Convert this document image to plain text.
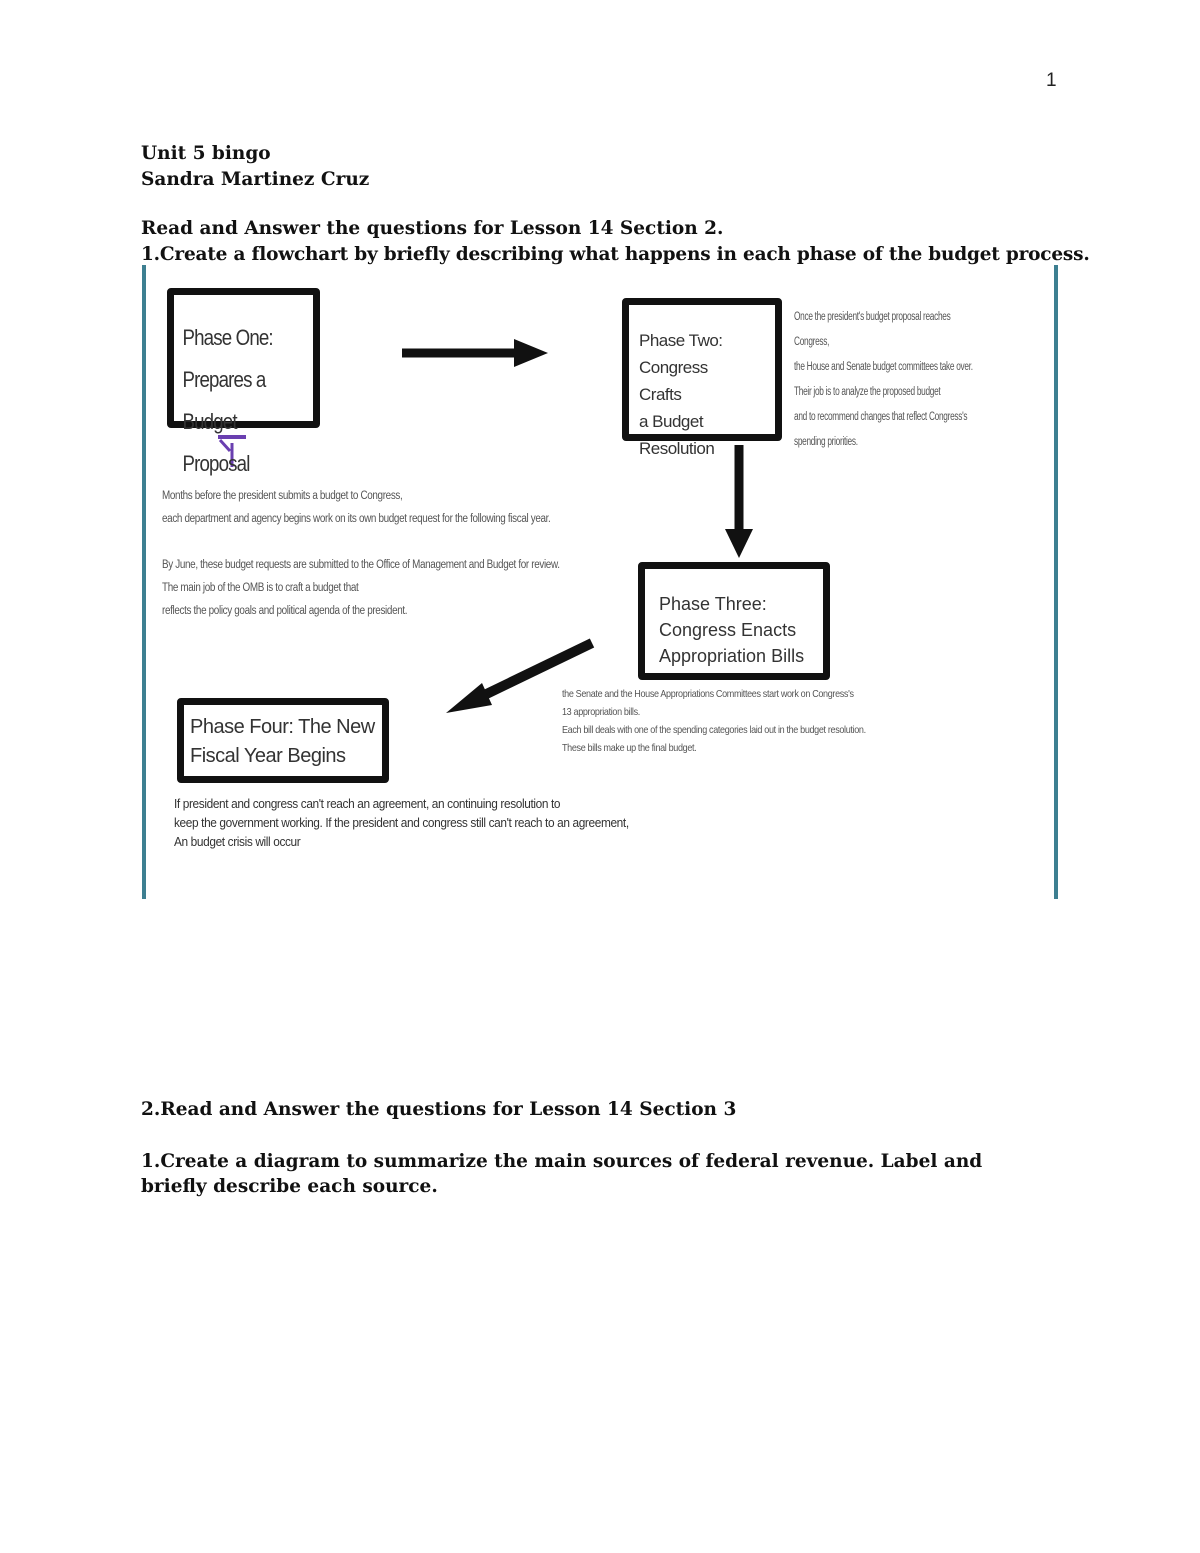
1
Unit 5 bingo
Sandra Martinez Cruz
Read and Answer the questions for Lesson 14 Section 2.
1.Create a flowchart by briefly describing what happens in each phase of the budget process.
Phase One: Prepares a
Budget Proposal
Phase Two: Congress
Crafts
a Budget Resolution
Phase Three:
Congress Enacts
Appropriation Bills
Phase Four: The New
Fiscal Year Begins
Months before the president submits a budget to Congress,
each department and agency begins work on its own budget request for the following fiscal year.

By June, these budget requests are submitted to the Office of Management and Budget for review.
The main job of the OMB is to craft a budget that
reflects the policy goals and political agenda of the president.
Once the president's budget proposal reaches Congress,
the House and Senate budget committees take over.
Their job is to analyze the proposed budget
and to recommend changes that reflect Congress's spending priorities.
the Senate and the House Appropriations Committees start work on Congress's
13 appropriation bills.
Each bill deals with one of the spending categories laid out in the budget resolution.
These bills make up the final budget.
If president and congress can't reach an agreement, an continuing resolution to
keep the government working. If the president and congress still can't reach to an agreement,
An budget crisis will occur
2.Read and Answer the questions for Lesson 14 Section 3
1.Create a diagram to summarize the main sources of federal revenue. Label and briefly describe each source.
